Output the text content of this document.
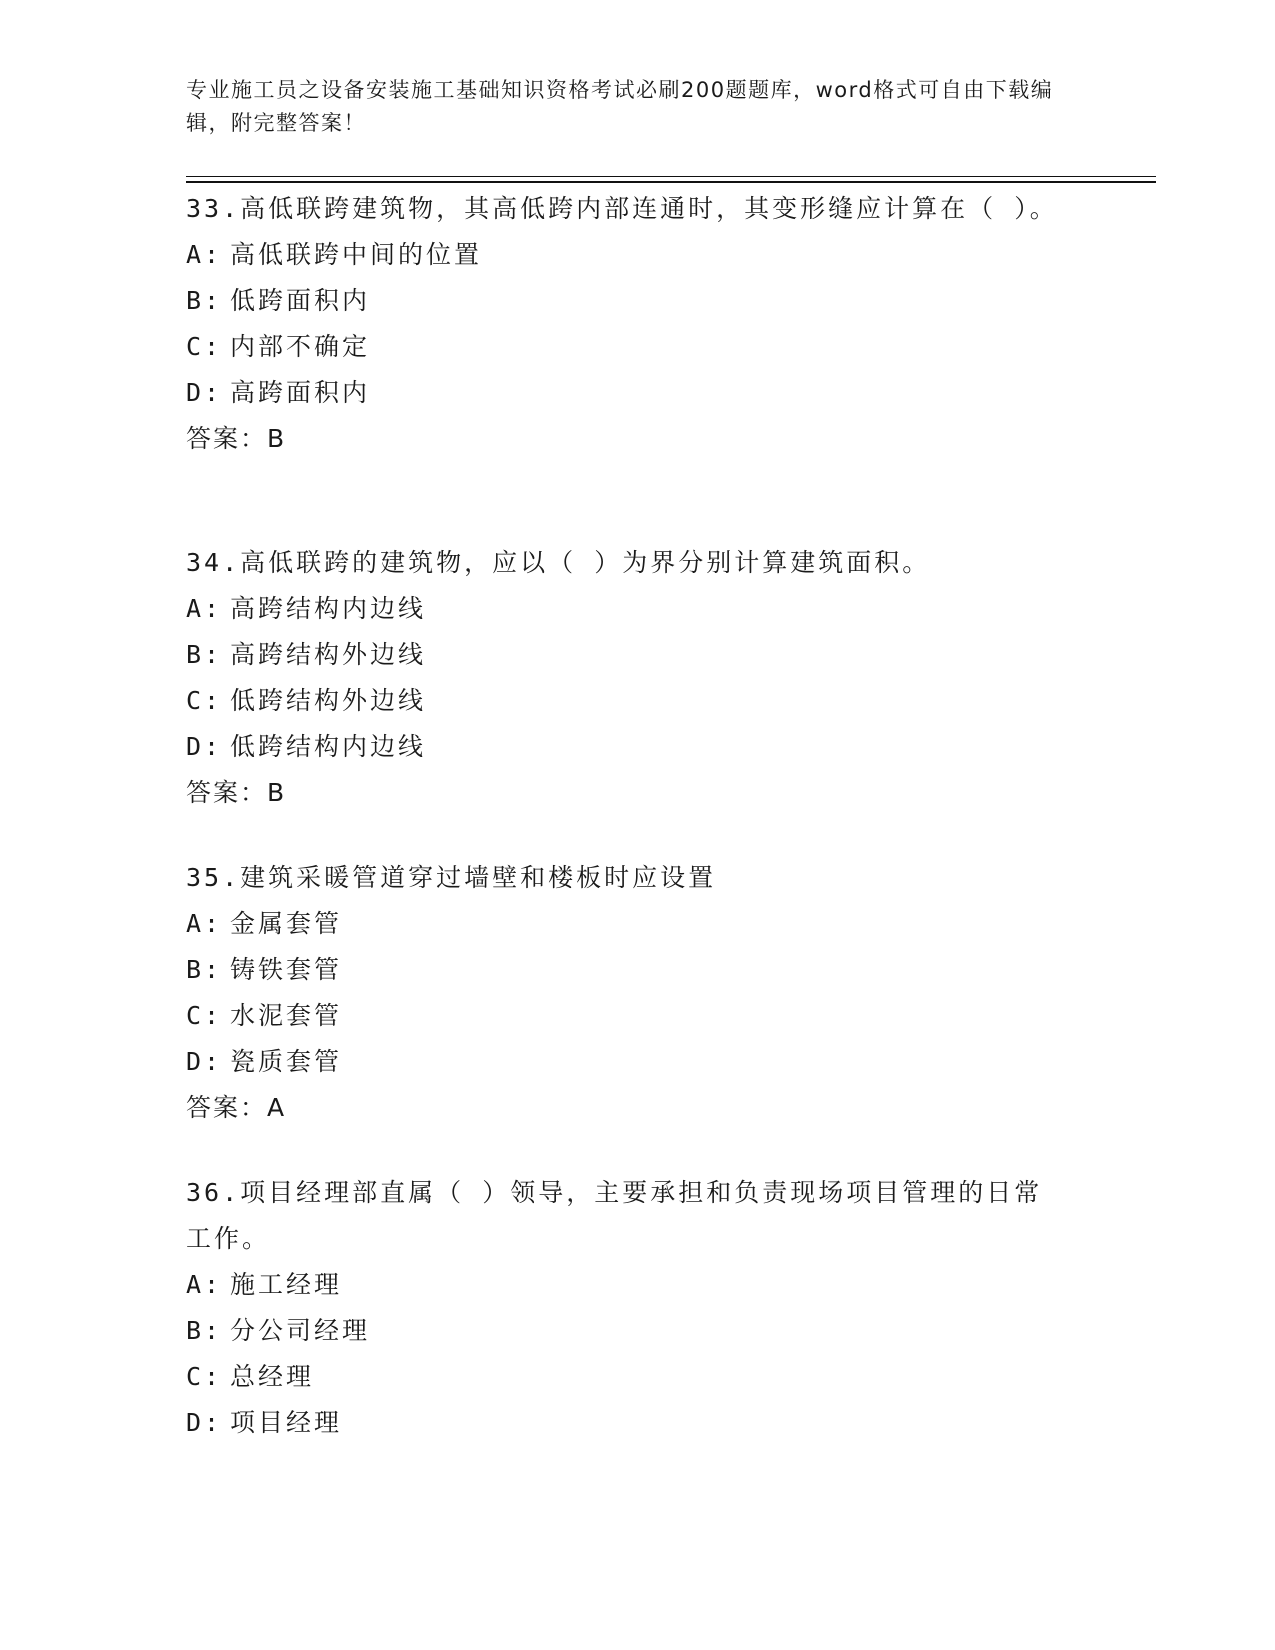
专业施工员之设备安装施工基础知识资格考试必刷200题题库，word格式可自由下载编辑，附完整答案！

33.高低联跨建筑物，其高低跨内部连通时，其变形缝应计算在（ ）。

A: 高低联跨中间的位置

B: 低跨面积内

C: 内部不确定

D: 高跨面积内

答案：B

34.高低联跨的建筑物，应以（ ）为界分别计算建筑面积。

A: 高跨结构内边线

B: 高跨结构外边线

C: 低跨结构外边线

D: 低跨结构内边线

答案：B

35.建筑采暖管道穿过墙壁和楼板时应设置

A: 金属套管

B: 铸铁套管

C: 水泥套管

D: 瓷质套管

答案：A

36.项目经理部直属（ ）领导，主要承担和负责现场项目管理的日常工作。

A: 施工经理

B: 分公司经理

C: 总经理

D: 项目经理
